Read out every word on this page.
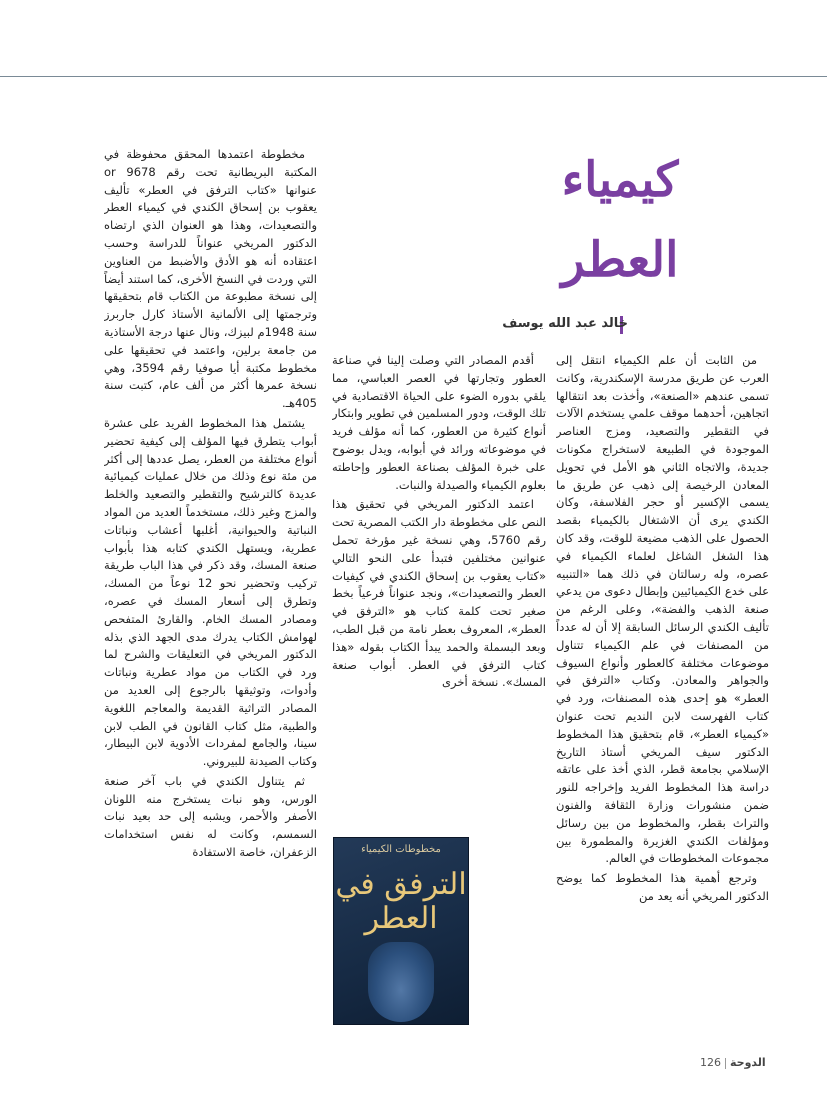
كيمياء العطر
خالد عبد الله يوسف

من الثابت أن علم الكيمياء انتقل إلى العرب عن طريق مدرسة الإسكندرية، وكانت تسمى عندهم «الصنعة»، وأخذت بعد انتقالها اتجاهين، أحدهما موقف علمي يستخدم الآلات في التقطير والتصعيد، ومزج العناصر الموجودة في الطبيعة لاستخراج مكونات جديدة، والاتجاه الثاني هو الأمل في تحويل المعادن الرخيصة إلى ذهب عن طريق ما يسمى الإكسير أو حجر الفلاسفة، وكان الكندي يرى أن الاشتغال بالكيمياء بقصد الحصول على الذهب مضيعة للوقت، وقد كان هذا الشغل الشاغل لعلماء الكيمياء في عصره، وله رسالتان في ذلك هما «التنبيه على خدع الكيميائيين وإبطال دعوى من يدعي صنعة الذهب والفضة»، وعلى الرغم من تأليف الكندي الرسائل السابقة إلا أن له عدداً من المصنفات في علم الكيمياء تتناول موضوعات مختلفة كالعطور وأنواع السيوف والجواهر والمعادن. وكتاب «الترفق في العطر» هو إحدى هذه المصنفات، ورد في كتاب الفهرست لابن النديم تحت عنوان «كيمياء العطر»، قام بتحقيق هذا المخطوط الدكتور سيف المريخي أستاذ التاريخ الإسلامي بجامعة قطر، الذي أخذ على عاتقه دراسة هذا المخطوط الفريد وإخراجه للنور ضمن منشورات وزارة الثقافة والفنون والتراث بقطر، والمخطوط من بين رسائل ومؤلفات الكندي الغزيرة والمطمورة بين مجموعات المخطوطات في العالم.

وترجع أهمية هذا المخطوط كما يوضح الدكتور المريخي أنه يعد من

أقدم المصادر التي وصلت إلينا في صناعة العطور وتجارتها في العصر العباسي، مما يلقي بدوره الضوء على الحياة الاقتصادية في تلك الوقت، ودور المسلمين في تطوير وابتكار أنواع كثيرة من العطور، كما أنه مؤلف فريد في موضوعاته ورائد في أبوابه، ويدل بوضوح على خبرة المؤلف بصناعة العطور وإحاطته بعلوم الكيمياء والصيدلة والنبات.

اعتمد الدكتور المريخي في تحقيق هذا النص على مخطوطة دار الكتب المصرية تحت رقم 5760، وهي نسخة غير مؤرخة تحمل عنوانين مختلفين فتبدأ على النحو التالي «كتاب يعقوب بن إسحاق الكندي في كيفيات العطر والتصعيدات»، ونجد عنواناً فرعياً بخط صغير تحت كلمة كتاب هو «الترفق في العطر»، المعروف بعطر نامة من قبل الطب، وبعد البسملة والحمد يبدأ الكتاب بقوله «هذا كتاب الترفق في العطر. أبواب صنعة المسك». نسخة أخرى

مخطوطة اعتمدها المحقق محفوظة في المكتبة البريطانية تحت رقم or 9678 عنوانها «كتاب الترفق في العطر» تأليف يعقوب بن إسحاق الكندي في كيمياء العطر والتصعيدات، وهذا هو العنوان الذي ارتضاه الدكتور المريخي عنواناً للدراسة وحسب اعتقاده أنه هو الأدق والأضبط من العناوين التي وردت في النسخ الأخرى، كما استند أيضاً إلى نسخة مطبوعة من الكتاب قام بتحقيقها وترجمتها إلى الألمانية الأستاذ كارل جاربرز سنة 1948م لبيزك، ونال عنها درجة الأستاذية من جامعة برلين، واعتمد في تحقيقها على مخطوط مكتبة أيا صوفيا رقم 3594، وهي نسخة عمرها أكثر من ألف عام، كتبت سنة 405هـ.

يشتمل هذا المخطوط الفريد على عشرة أبواب يتطرق فيها المؤلف إلى كيفية تحضير أنواع مختلفة من العطر، يصل عددها إلى أكثر من مئة نوع وذلك من خلال عمليات كيميائية عديدة كالترشيح والتقطير والتصعيد والخلط والمزج وغير ذلك، مستخدماً العديد من المواد النباتية والحيوانية، أغلبها أعشاب ونباتات عطرية، ويستهل الكندي كتابه هذا بأبواب صنعة المسك، وقد ذكر في هذا الباب طريقة تركيب وتحضير نحو 12 نوعاً من المسك، وتطرق إلى أسعار المسك في عصره، ومصادر المسك الخام. والقارئ المتفحص لهوامش الكتاب يدرك مدى الجهد الذي بذله الدكتور المريخي في التعليقات والشرح لما ورد في الكتاب من مواد عطرية ونباتات وأدوات، وتوثيقها بالرجوع إلى العديد من المصادر التراثية القديمة والمعاجم اللغوية والطبية، مثل كتاب القانون في الطب لابن سينا، والجامع لمفردات الأدوية لابن البيطار، وكتاب الصيدنة للبيروني.

ثم يتناول الكندي في باب آخر صنعة الورس، وهو نبات يستخرج منه اللونان الأصفر والأحمر، ويشبه إلى حد بعيد نبات السمسم، وكانت له نفس استخدامات الزعفران، خاصة الاستفادة	مخطوطات الكيمياء
الترفق في العطر
126 الدوحة
